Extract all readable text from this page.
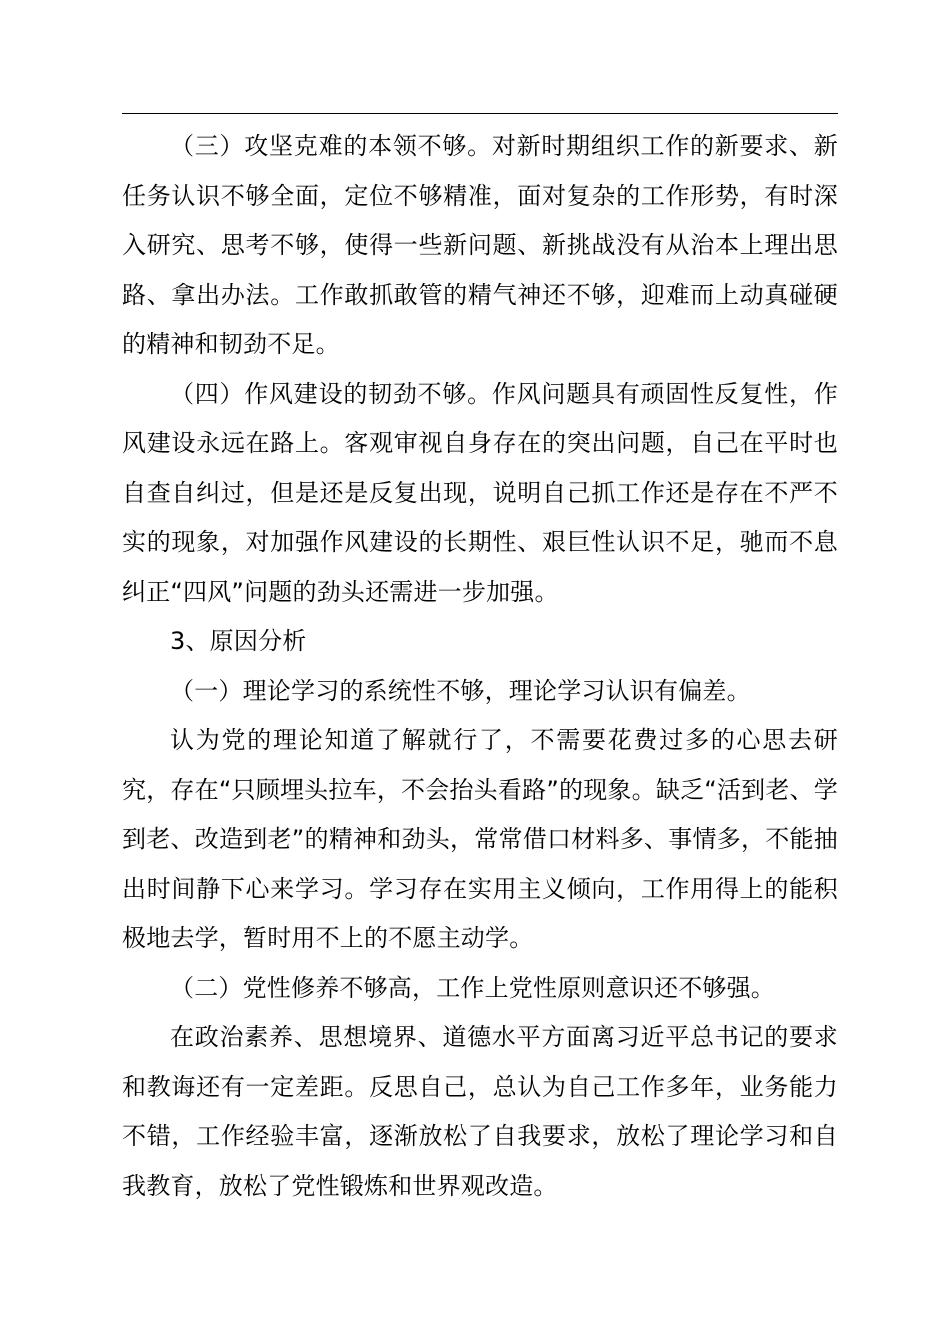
（三）攻坚克难的本领不够。对新时期组织工作的新要求、新任务认识不够全面，定位不够精准，面对复杂的工作形势，有时深入研究、思考不够，使得一些新问题、新挑战没有从治本上理出思路、拿出办法。工作敢抓敢管的精气神还不够，迎难而上动真碰硬的精神和韧劲不足。

（四）作风建设的韧劲不够。作风问题具有顽固性反复性，作风建设永远在路上。客观审视自身存在的突出问题，自己在平时也自查自纠过，但是还是反复出现，说明自己抓工作还是存在不严不实的现象，对加强作风建设的长期性、艰巨性认识不足，驰而不息纠正“四风”问题的劲头还需进一步加强。

3、原因分析

（一）理论学习的系统性不够，理论学习认识有偏差。

认为党的理论知道了解就行了，不需要花费过多的心思去研究，存在“只顾埋头拉车，不会抬头看路”的现象。缺乏“活到老、学到老、改造到老”的精神和劲头，常常借口材料多、事情多，不能抽出时间静下心来学习。学习存在实用主义倾向，工作用得上的能积极地去学，暂时用不上的不愿主动学。

（二）党性修养不够高，工作上党性原则意识还不够强。

在政治素养、思想境界、道德水平方面离习近平总书记的要求和教诲还有一定差距。反思自己，总认为自己工作多年，业务能力不错，工作经验丰富，逐渐放松了自我要求，放松了理论学习和自我教育，放松了党性锻炼和世界观改造。
